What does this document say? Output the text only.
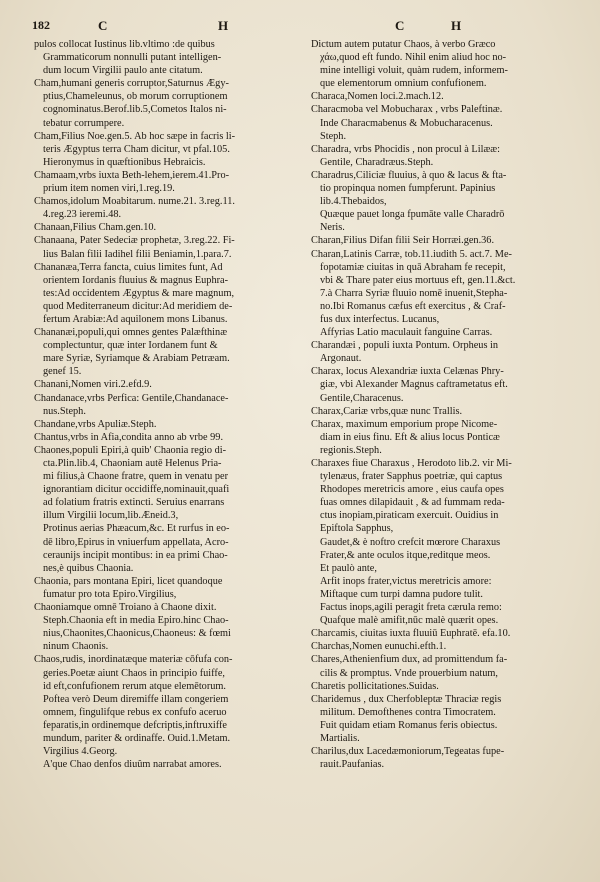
182	C	H	C	H
pulos collocat Iustinus lib.vltimo :de quibus
Grammaticorum nonnulli putant intelligen-
dum locum Virgilii paulo ante citatum.
Cham,humani generis corruptor,Saturnus Ægy-
ptius,Chameleunus, ob morum corruptionem
cognominatus.Berof.lib.5,Cometos Italos ni-
tebatur corrumpere.
Cham,Filius Noe.gen.5. Ab hoc sæpe in facris li-
teris Ægyptus terra Cham dicitur, vt pfal.105.
Hieronymus in quæftionibus Hebraicis.
Chamaam,vrbs iuxta Beth-lehem,ierem.41.Pro-
prium item nomen viri,1.reg.19.
Chamos,idolum Moabitarum. nume.21. 3.reg.11.
4.reg.23 ieremi.48.
Chanaan,Filius Cham.gen.10.
Chanaana, Pater Sedeciæ prophetæ, 3.reg.22. Fi-
lius Balan filii Iadihel filii Beniamin,1.para.7.
Chananæa,Terra fancta, cuius limites funt, Ad
orientem Iordanis fluuius & magnus Euphra-
tes:Ad occidentem Ægyptus & mare magnum,
quod Mediterraneum dicitur:Ad meridiem de-
fertum Arabiæ:Ad aquilonem mons Libanus.
Chananæi,populi,qui omnes gentes Palæfthinæ
complectuntur, quæ inter Iordanem funt &
mare Syriæ, Syriamque & Arabiam Petræam.
genef 15.
Chanani,Nomen viri.2.efd.9.
Chandanace,vrbs Perfica: Gentile,Chandanace-
nus.Steph.
Chandane,vrbs Apuliæ.Steph.
Chantus,vrbs in Afia,condita anno ab vrbe 99.
Chaones,populi Epiri,à quib' Chaonia regio di-
cta.Plin.lib.4, Chaoniam autē Helenus Pria-
mi filius,à Chaone fratre, quem in venatu per
ignorantiam dicitur occidiffe,nominauit,quafi
ad folatium fratris extincti. Seruius enarrans
illum Virgilii locum,lib.Æneid.3,
Protinus aerias Phæacum,&c. Et rurfus in eo-
dē libro,Epirus in vniuerfum appellata, Acro-
ceraunijs incipit montibus: in ea primi Chao-
nes,è quibus Chaonia.
Chaonia, pars montana Epiri, licet quandoque
fumatur pro tota Epiro.Virgilius,
Chaoniamque omnē Troiano à Chaone dixit.
Steph.Chaonia eft in media Epiro.hinc Chao-
nius,Chaonites,Chaonicus,Chaoneus: & fœmi
ninum Chaonis.
Chaos,rudis, inordinatæque materiæ cōfufa con-
geries.Poetæ aiunt Chaos in principio fuiffe,
id eft,confufionem rerum atque elemētorum.
Poftea verò Deum diremiffe illam congeriem
omnem, fingulifque rebus ex confufo aceruo
feparatis,in ordinemque defcriptis,inftruxiffe
mundum, pariter & ordinaffe. Ouid.1.Metam.
Virgilius 4.Georg.
A'que Chao denfos diuûm narrabat amores.
Dictum autem putatur Chaos, à verbo Græco
χάω,quod eft fundo. Nihil enim aliud hoc no-
mine intelligi voluit, quàm rudem, informem-
que elementorum omnium confufionem.
Characa,Nomen loci.2.mach.12.
Characmoba vel Mobucharax , vrbs Paleftinæ.
Inde Characmabenus & Mobucharacenus.
Steph.
Charadra, vrbs Phocidis , non procul à Lilææ:
Gentile, Charadræus.Steph.
Charadrus,Ciliciæ fluuius, à quo & lacus & fta-
tio propinqua nomen fumpferunt. Papinius
lib.4.Thebaidos,
Quæque pauet longa fpumāte valle Charadrō
Neris.
Charan,Filius Difan filii Seir Horræi.gen.36.
Charan,Latinis Carræ, tob.11.iudith 5. act.7. Me-
fopotamiæ ciuitas in quā Abraham fe recepit,
vbi & Thare pater eius mortuus eft, gen.11.&ct.
7.à Charra Syriæ fluuio nomē inuenit,Stepha-
no.Ibi Romanus cæfus eft exercitus , & Craf-
fus dux interfectus. Lucanus,
Affyrias Latio maculauit fanguine Carras.
Charandæi , populi iuxta Pontum. Orpheus in
Argonaut.
Charax, locus Alexandriæ iuxta Celænas Phry-
giæ, vbi Alexander Magnus caftrametatus eft.
Gentile,Characenus.
Charax,Cariæ vrbs,quæ nunc Trallis.
Charax, maximum emporium prope Nicome-
diam in eius finu. Eft & alius locus Ponticæ
regionis.Steph.
Charaxes fiue Charaxus , Herodoto lib.2. vir Mi-
tylenæus, frater Sapphus poetriæ, qui captus
Rhodopes meretricis amore , eius caufa opes
fuas omnes dilapidauit , & ad fummam reda-
ctus inopiam,piraticam exercuit. Ouidius in
Epiftola Sapphus,
Gaudet,& è noftro crefcit mœrore Charaxus
Frater,& ante oculos itque,reditque meos.
Et paulò ante,
Arfit inops frater,victus meretricis amore:
Miftaque cum turpi damna pudore tulit.
Factus inops,agili peragit freta cærula remo:
Quafque malè amifit,nūc malè quærit opes.
Charcamis, ciuitas iuxta fluuiū Euphratē. efa.10.
Charchas,Nomen eunuchi.efth.1.
Chares,Athenienfium dux, ad promittendum fa-
cilis & promptus. Vnde prouerbium natum,
Charetis pollicitationes.Suidas.
Charidemus , dux Cherfobleptæ Thraciæ regis
militum. Demofthenes contra Timocratem.
Fuit quidam etiam Romanus feris obiectus.
Martialis.
Charilus,dux Lacedæmoniorum,Tegeatas fupe-
rauit.Paufanias.
